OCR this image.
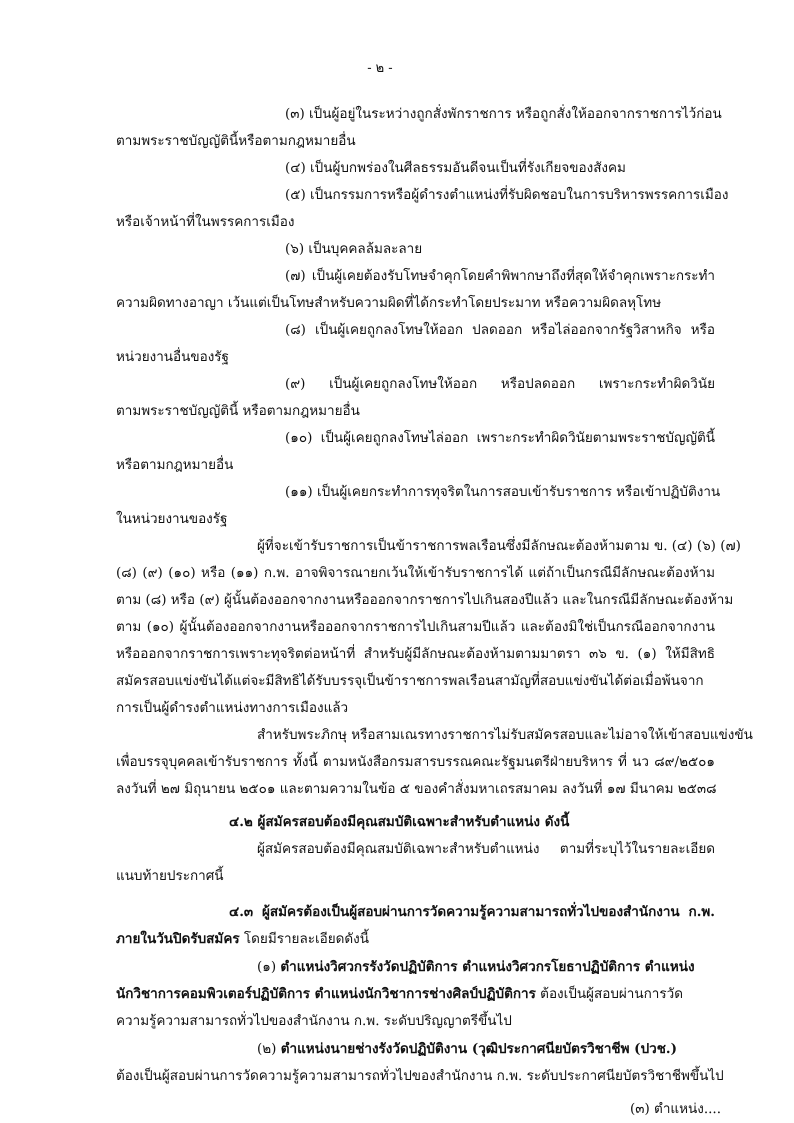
- ๒ -
(๓) เป็นผู้อยู่ในระหว่างถูกสั่งพักราชการ หรือถูกสั่งให้ออกจากราชการไว้ก่อน
ตามพระราชบัญญัตินี้หรือตามกฎหมายอื่น
(๔) เป็นผู้บกพร่องในศีลธรรมอันดีจนเป็นที่รังเกียจของสังคม
(๕) เป็นกรรมการหรือผู้ดำรงตำแหน่งที่รับผิดชอบในการบริหารพรรคการเมือง
หรือเจ้าหน้าที่ในพรรคการเมือง
(๖) เป็นบุคคลล้มละลาย
(๗) เป็นผู้เคยต้องรับโทษจำคุกโดยคำพิพากษาถึงที่สุดให้จำคุกเพราะกระทำ
ความผิดทางอาญา เว้นแต่เป็นโทษสำหรับความผิดที่ได้กระทำโดยประมาท หรือความผิดลหุโทษ
(๘) เป็นผู้เคยถูกลงโทษให้ออก ปลดออก หรือไล่ออกจากรัฐวิสาหกิจ หรือ
หน่วยงานอื่นของรัฐ
(๙) เป็นผู้เคยถูกลงโทษให้ออก หรือปลดออก เพราะกระทำผิดวินัย
ตามพระราชบัญญัตินี้ หรือตามกฎหมายอื่น
(๑๐) เป็นผู้เคยถูกลงโทษไล่ออก เพราะกระทำผิดวินัยตามพระราชบัญญัตินี้
หรือตามกฎหมายอื่น
(๑๑) เป็นผู้เคยกระทำการทุจริตในการสอบเข้ารับราชการ หรือเข้าปฏิบัติงาน
ในหน่วยงานของรัฐ
ผู้ที่จะเข้ารับราชการเป็นข้าราชการพลเรือนซึ่งมีลักษณะต้องห้ามตาม ข. (๔) (๖) (๗)
(๘) (๙) (๑๐) หรือ (๑๑) ก.พ. อาจพิจารณายกเว้นให้เข้ารับราชการได้ แต่ถ้าเป็นกรณีมีลักษณะต้องห้าม
ตาม (๘) หรือ (๙) ผู้นั้นต้องออกจากงานหรือออกจากราชการไปเกินสองปีแล้ว และในกรณีมีลักษณะต้องห้าม
ตาม (๑๐) ผู้นั้นต้องออกจากงานหรือออกจากราชการไปเกินสามปีแล้ว และต้องมิใช่เป็นกรณีออกจากงาน
หรือออกจากราชการเพราะทุจริตต่อหน้าที่ สำหรับผู้มีลักษณะต้องห้ามตามมาตรา ๓๖ ข. (๑) ให้มีสิทธิ
สมัครสอบแข่งขันได้แต่จะมีสิทธิได้รับบรรจุเป็นข้าราชการพลเรือนสามัญที่สอบแข่งขันได้ต่อเมื่อพ้นจาก
การเป็นผู้ดำรงตำแหน่งทางการเมืองแล้ว
สำหรับพระภิกษุ หรือสามเณรทางราชการไม่รับสมัครสอบและไม่อาจให้เข้าสอบแข่งขัน
เพื่อบรรจุบุคคลเข้ารับราชการ ทั้งนี้ ตามหนังสือกรมสารบรรณคณะรัฐมนตรีฝ่ายบริหาร ที่ นว ๘๙/๒๕๐๑
ลงวันที่ ๒๗ มิถุนายน ๒๕๐๑ และตามความในข้อ ๕ ของคำสั่งมหาเถรสมาคม ลงวันที่ ๑๗ มีนาคม ๒๕๓๘
๔.๒ ผู้สมัครสอบต้องมีคุณสมบัติเฉพาะสำหรับตำแหน่ง ดังนี้
ผู้สมัครสอบต้องมีคุณสมบัติเฉพาะสำหรับตำแหน่ง ตามที่ระบุไว้ในรายละเอียด
แนบท้ายประกาศนี้
๔.๓ ผู้สมัครต้องเป็นผู้สอบผ่านการวัดความรู้ความสามารถทั่วไปของสำนักงาน ก.พ.
ภายในวันปิดรับสมัคร โดยมีรายละเอียดดังนี้
(๑) ตำแหน่งวิศวกรรังวัดปฏิบัติการ ตำแหน่งวิศวกรโยธาปฏิบัติการ ตำแหน่ง
นักวิชาการคอมพิวเตอร์ปฏิบัติการ ตำแหน่งนักวิชาการช่างศิลป์ปฏิบัติการ ต้องเป็นผู้สอบผ่านการวัด
ความรู้ความสามารถทั่วไปของสำนักงาน ก.พ. ระดับปริญญาตรีขึ้นไป
(๒) ตำแหน่งนายช่างรังวัดปฏิบัติงาน (วุฒิประกาศนียบัตรวิชาชีพ (ปวช.)
ต้องเป็นผู้สอบผ่านการวัดความรู้ความสามารถทั่วไปของสำนักงาน ก.พ. ระดับประกาศนียบัตรวิชาชีพขึ้นไป
(๓) ตำแหน่ง....
